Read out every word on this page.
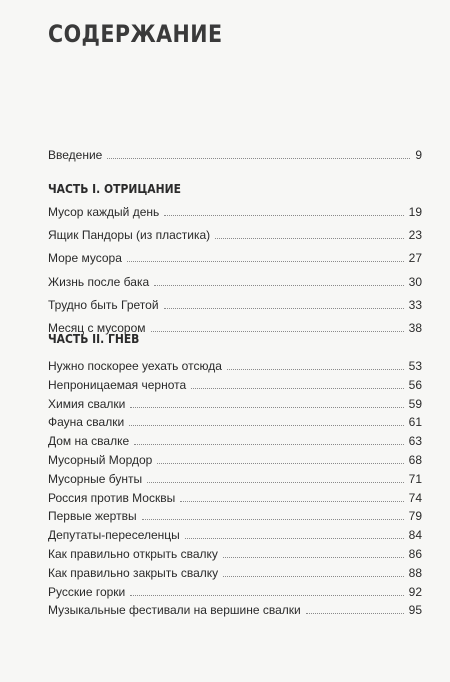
СОДЕРЖАНИЕ
Введение	9
ЧАСТЬ I. ОТРИЦАНИЕ
Мусор каждый день	19
Ящик Пандоры (из пластика)	23
Море мусора	27
Жизнь после бака	30
Трудно быть Гретой	33
Месяц с мусором	38
ЧАСТЬ II. ГНЕВ
Нужно поскорее уехать отсюда	53
Непроницаемая чернота	56
Химия свалки	59
Фауна свалки	61
Дом на свалке	63
Мусорный Мордор	68
Мусорные бунты	71
Россия против Москвы	74
Первые жертвы	79
Депутаты-переселенцы	84
Как правильно открыть свалку	86
Как правильно закрыть свалку	88
Русские горки	92
Музыкальные фестивали на вершине свалки	95
